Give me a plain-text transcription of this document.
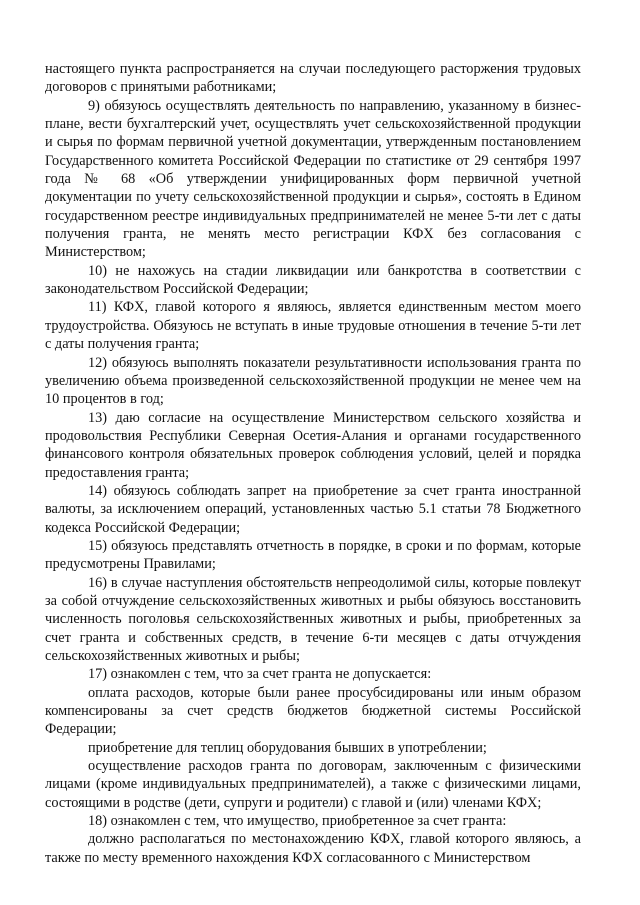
настоящего пункта распространяется на случаи последующего расторжения трудовых договоров с принятыми работниками;

9) обязуюсь осуществлять деятельность по направлению, указанному в бизнес-плане, вести бухгалтерский учет, осуществлять учет сельскохозяйственной продукции и сырья по формам первичной учетной документации, утвержденным постановлением Государственного комитета Российской Федерации по статистике от 29 сентября 1997 года № 68 «Об утверждении унифицированных форм первичной учетной документации по учету сельскохозяйственной продукции и сырья», состоять в Едином государственном реестре индивидуальных предпринимателей не менее 5-ти лет с даты получения гранта, не менять место регистрации КФХ без согласования с Министерством;

10) не нахожусь на стадии ликвидации или банкротства в соответствии с законодательством Российской Федерации;

11) КФХ, главой которого я являюсь, является единственным местом моего трудоустройства. Обязуюсь не вступать в иные трудовые отношения в течение 5-ти лет с даты получения гранта;

12) обязуюсь выполнять показатели результативности использования гранта по увеличению объема произведенной сельскохозяйственной продукции не менее чем на 10 процентов в год;

13) даю согласие на осуществление Министерством сельского хозяйства и продовольствия Республики Северная Осетия-Алания и органами государственного финансового контроля обязательных проверок соблюдения условий, целей и порядка предоставления гранта;

14) обязуюсь соблюдать запрет на приобретение за счет гранта иностранной валюты, за исключением операций, установленных частью 5.1 статьи 78 Бюджетного кодекса Российской Федерации;

15) обязуюсь представлять отчетность в порядке, в сроки и по формам, которые предусмотрены Правилами;

16) в случае наступления обстоятельств непреодолимой силы, которые повлекут за собой отчуждение сельскохозяйственных животных и рыбы обязуюсь восстановить численность поголовья сельскохозяйственных животных и рыбы, приобретенных за счет гранта и собственных средств, в течение 6-ти месяцев с даты отчуждения сельскохозяйственных животных и рыбы;

17) ознакомлен с тем, что за счет гранта не допускается:

оплата расходов, которые были ранее просубсидированы или иным образом компенсированы за счет средств бюджетов бюджетной системы Российской Федерации;

приобретение для теплиц оборудования бывших в употреблении;

осуществление расходов гранта по договорам, заключенным с физическими лицами (кроме индивидуальных предпринимателей), а также с физическими лицами, состоящими в родстве (дети, супруги и родители) с главой и (или) членами КФХ;

18) ознакомлен с тем, что имущество, приобретенное за счет гранта:

должно располагаться по местонахождению КФХ, главой которого являюсь, а также по месту временного нахождения КФХ согласованного с Министерством
